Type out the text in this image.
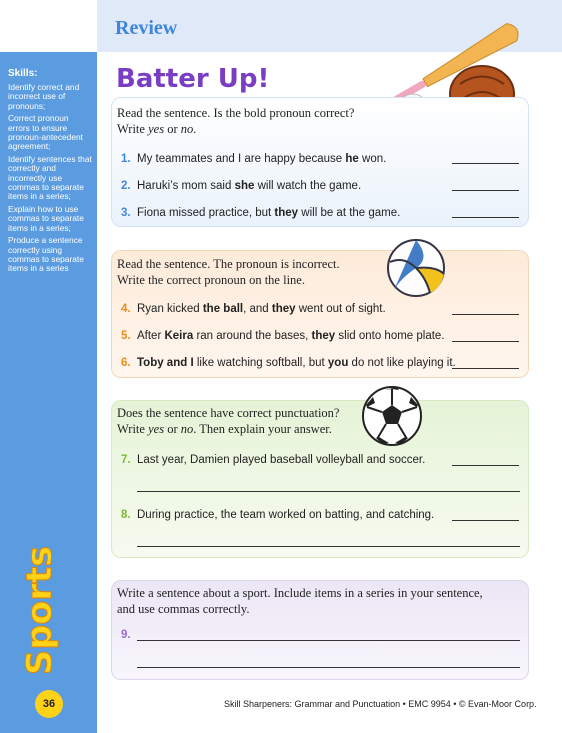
Skills:
Identify correct and incorrect use of pronouns;
Correct pronoun errors to ensure pronoun-antecedent agreement;
Identify sentences that correctly and incorrectly use commas to separate items in a series;
Explain how to use commas to separate items in a series;
Produce a sentence correctly using commas to separate items in a series
Sports
36
Review
Batter Up!
Read the sentence. Is the bold pronoun correct?
Write yes or no.
1. My teammates and I are happy because he won.
2. Haruki’s mom said she will watch the game.
3. Fiona missed practice, but they will be at the game.
Read the sentence. The pronoun is incorrect.
Write the correct pronoun on the line.
4. Ryan kicked the ball, and they went out of sight.
5. After Keira ran around the bases, they slid onto home plate.
6. Toby and I like watching softball, but you do not like playing it.
Does the sentence have correct punctuation?
Write yes or no. Then explain your answer.
7. Last year, Damien played baseball volleyball and soccer.
8. During practice, the team worked on batting, and catching.
Write a sentence about a sport. Include items in a series in your sentence,
and use commas correctly.
9.
Skill Sharpeners: Grammar and Punctuation • EMC 9954 • © Evan-Moor Corp.
